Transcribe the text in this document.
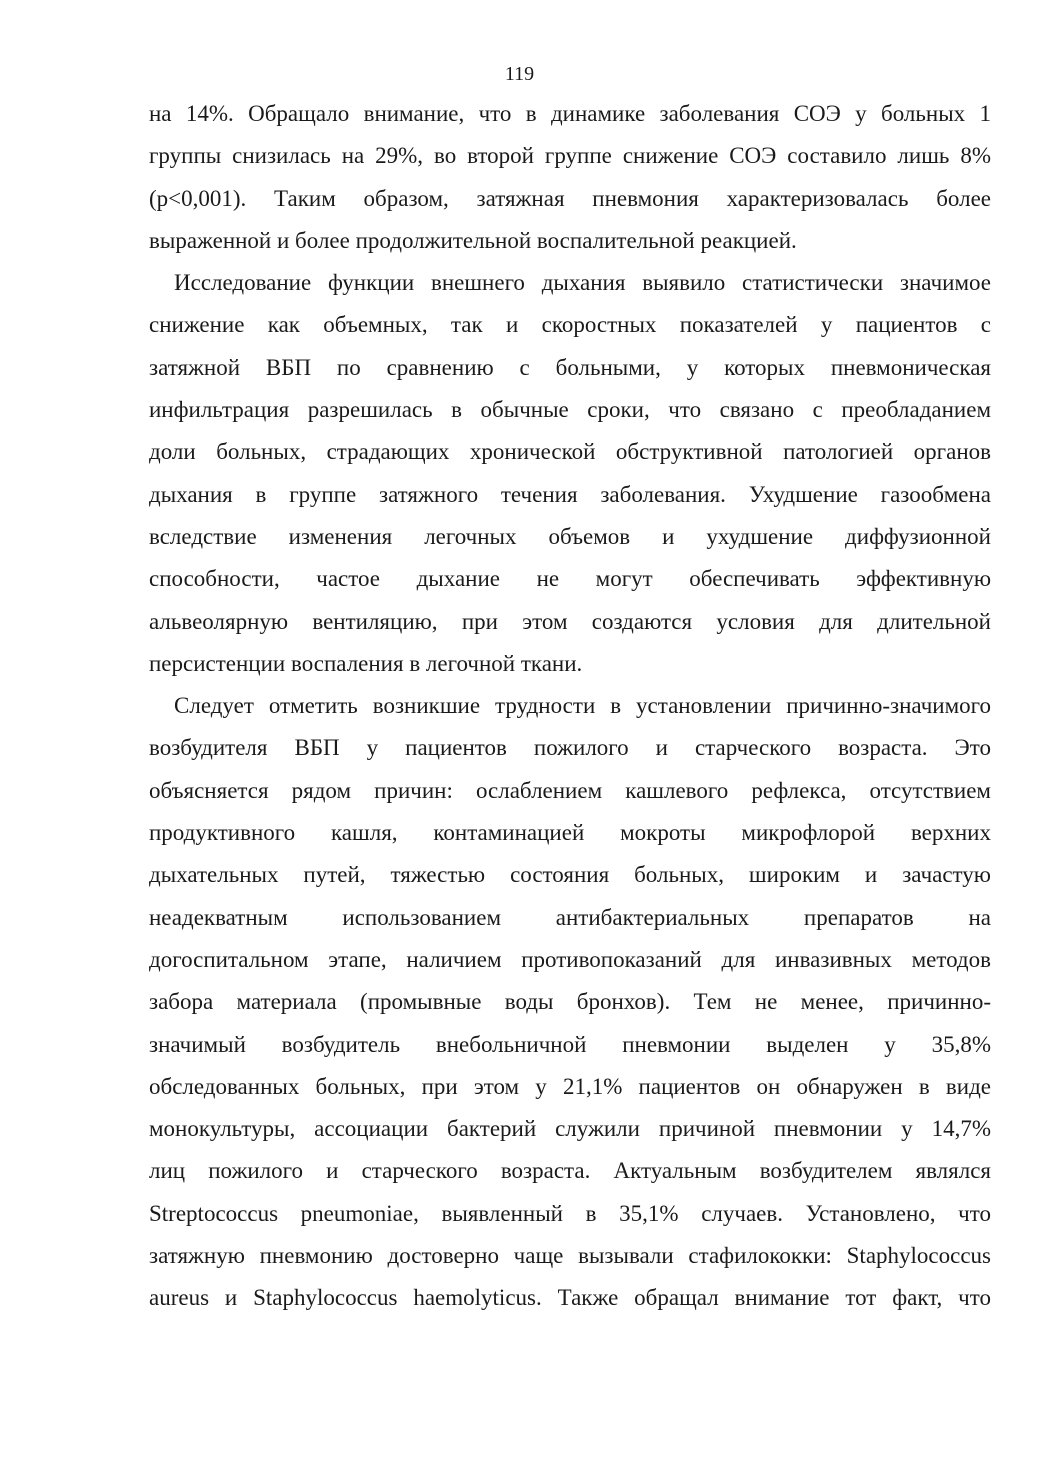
119
на 14%. Обращало внимание, что в динамике заболевания СОЭ у больных 1
группы снизилась на 29%, во второй группе снижение СОЭ составило лишь 8%
(р<0,001). Таким образом, затяжная пневмония характеризовалась более
выраженной и более продолжительной воспалительной реакцией.
Исследование функции внешнего дыхания выявило статистически значимое
снижение как объемных, так и скоростных показателей у пациентов с
затяжной ВБП по сравнению с больными, у которых пневмоническая
инфильтрация разрешилась в обычные сроки, что связано с преобладанием
доли больных, страдающих хронической обструктивной патологией органов
дыхания в группе затяжного течения заболевания. Ухудшение газообмена
вследствие изменения легочных объемов и ухудшение диффузионной
способности, частое дыхание не могут обеспечивать эффективную
альвеолярную вентиляцию, при этом создаются условия для длительной
персистенции воспаления в легочной ткани.
Следует отметить возникшие трудности в установлении причинно-значимого
возбудителя ВБП у пациентов пожилого и старческого возраста. Это
объясняется рядом причин: ослаблением кашлевого рефлекса, отсутствием
продуктивного кашля, контаминацией мокроты микрофлорой верхних
дыхательных путей, тяжестью состояния больных, широким и зачастую
неадекватным использованием антибактериальных препаратов на
догоспитальном этапе, наличием противопоказаний для инвазивных методов
забора материала (промывные воды бронхов). Тем не менее, причинно-
значимый возбудитель внебольничной пневмонии выделен у 35,8%
обследованных больных, при этом у 21,1% пациентов он обнаружен в виде
монокультуры, ассоциации бактерий служили причиной пневмонии у 14,7%
лиц пожилого и старческого возраста. Актуальным возбудителем являлся
Streptococcus pneumoniae, выявленный в 35,1% случаев. Установлено, что
затяжную пневмонию достоверно чаще вызывали стафилококки: Staphylococcus
aureus и Staphylococcus haemolyticus. Также обращал внимание тот факт, что
